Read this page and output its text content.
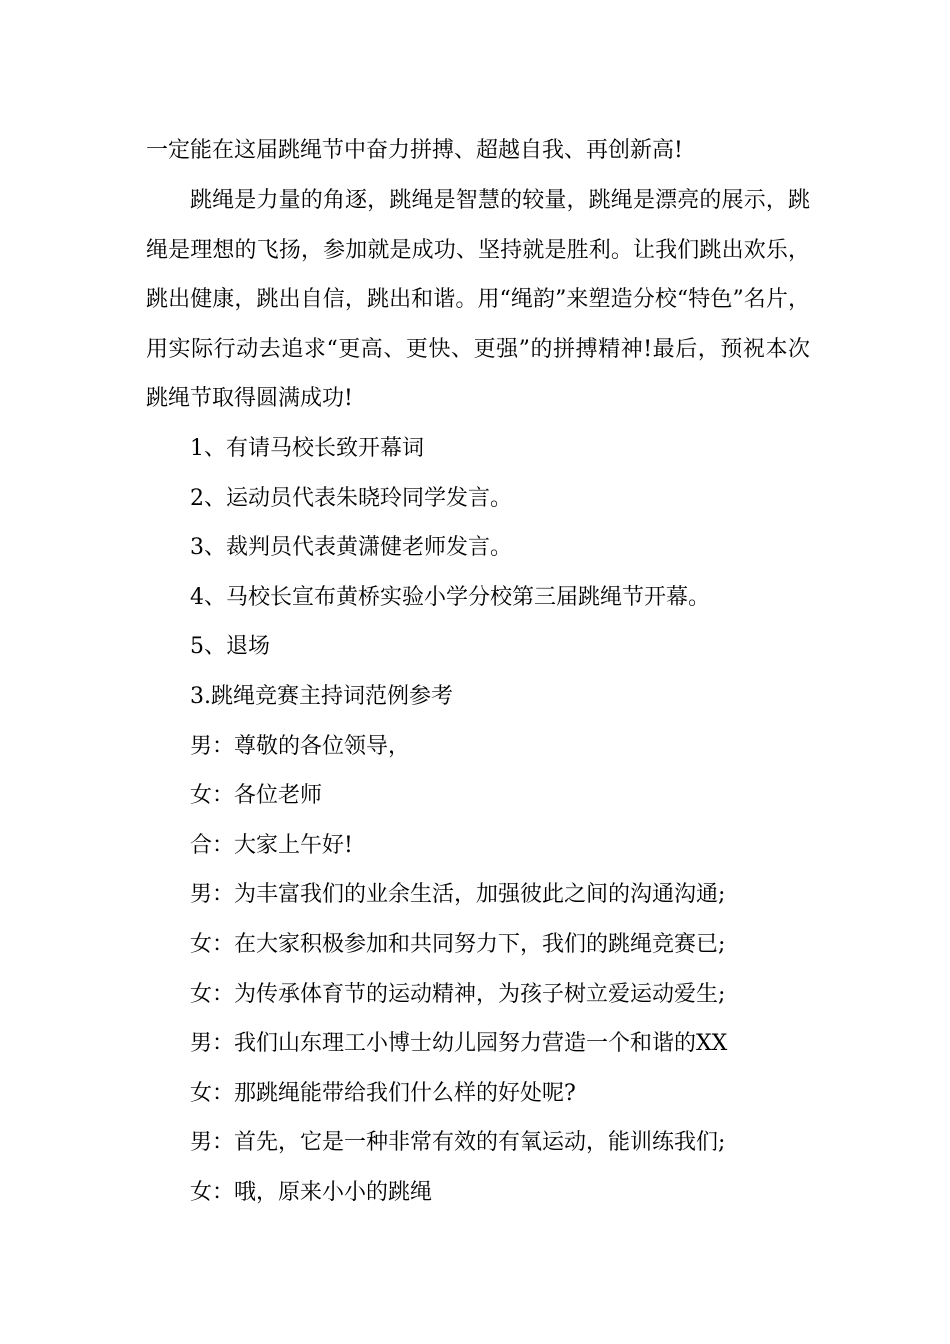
一定能在这届跳绳节中奋力拼搏、超越自我、再创新高!
跳绳是力量的角逐，跳绳是智慧的较量，跳绳是漂亮的展示，跳绳是理想的飞扬，参加就是成功、坚持就是胜利。让我们跳出欢乐，跳出健康，跳出自信，跳出和谐。用“绳韵”来塑造分校“特色”名片，用实际行动去追求“更高、更快、更强”的拼搏精神!最后，预祝本次跳绳节取得圆满成功!
1、有请马校长致开幕词
2、运动员代表朱晓玲同学发言。
3、裁判员代表黄潇健老师发言。
4、马校长宣布黄桥实验小学分校第三届跳绳节开幕。
5、退场
3.跳绳竞赛主持词范例参考
男：尊敬的各位领导，
女：各位老师
合：大家上午好!
男：为丰富我们的业余生活，加强彼此之间的沟通沟通;
女：在大家积极参加和共同努力下，我们的跳绳竞赛已;
女：为传承体育节的运动精神，为孩子树立爱运动爱生;
男：我们山东理工小博士幼儿园努力营造一个和谐的XX
女：那跳绳能带给我们什么样的好处呢?
男：首先，它是一种非常有效的有氧运动，能训练我们;
女：哦，原来小小的跳绳
